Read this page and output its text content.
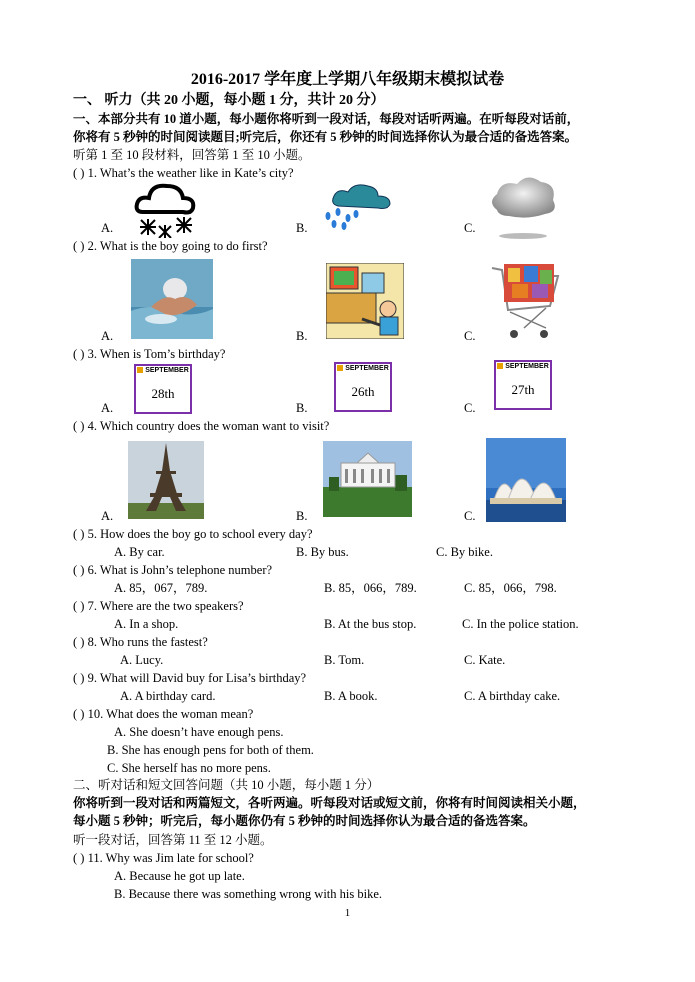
2016-2017 学年度上学期八年级期末模拟试卷
一、 听力（共 20 小题，每小题 1 分，共计 20 分）
一、本部分共有 10 道小题，每小题你将听到一段对话，每段对话听两遍。在听每段对话前，
你将有 5 秒钟的时间阅读题目;听完后，你还有 5 秒钟的时间选择你认为最合适的备选答案。
听第 1 至 10 段材料，回答第 1 至 10 小题。
( ) 1. What’s the weather like in Kate’s city?
A.	B.	C.
( ) 2. What is the boy going to do first?
A.	B.	C.
( ) 3. When is Tom’s birthday?
SEPTEMBER
28th
A.
SEPTEMBER
26th
B.
SEPTEMBER
27th
C.
( ) 4. Which country does the woman want to visit?
A.	B.	C.
( ) 5. How does the boy go to school every day?
A. By car.	B. By bus.	C. By bike.
( ) 6. What is John’s telephone number?
A. 85，067，789.	B. 85，066，789.	C. 85，066，798.
( ) 7. Where are the two speakers?
A. In a shop.	B. At the bus stop.	C. In the police station.
( ) 8. Who runs the fastest?
A. Lucy.	B. Tom.	C. Kate.
( ) 9. What will David buy for Lisa’s birthday?
A. A birthday card.	B. A book.	C. A birthday cake.
( ) 10. What does the woman mean?
A. She doesn’t have enough pens.
B. She has enough pens for both of them.
C. She herself has no more pens.
二、听对话和短文回答问题（共 10 小题，每小题 1 分）
你将听到一段对话和两篇短文，各听两遍。听每段对话或短文前，你将有时间阅读相关小题，
每小题 5 秒钟；听完后，每小题你仍有 5 秒钟的时间选择你认为最合适的备选答案。
听一段对话，回答第 11 至 12 小题。
( ) 11. Why was Jim late for school?
A. Because he got up late.
B. Because there was something wrong with his bike.
1
